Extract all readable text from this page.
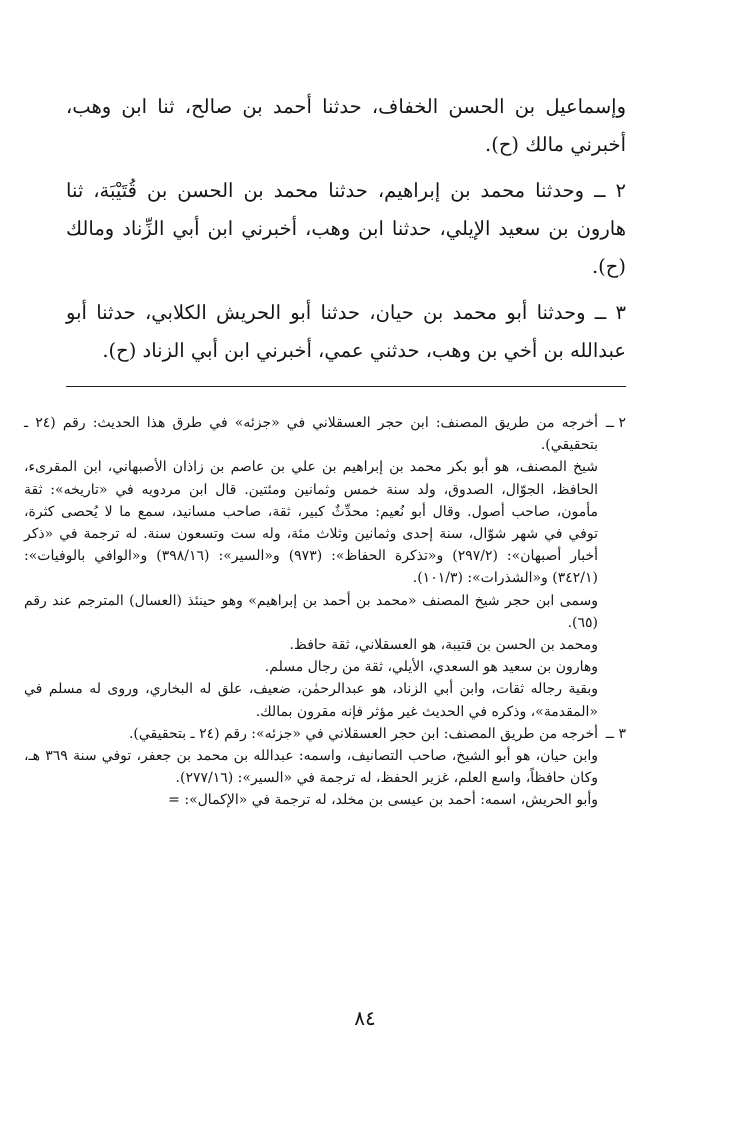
وإسماعيل بن الحسن الخفاف، حدثنا أحمد بن صالح، ثنا ابن وهب، أخبرني مالك (ح).

٢ ــ وحدثنا محمد بن إبراهيم، حدثنا محمد بن الحسن بن قُتَيْبَة، ثنا هارون بن سعيد الإيلي، حدثنا ابن وهب، أخبرني ابن أبي الزِّناد ومالك (ح).

٣ ــ وحدثنا أبو محمد بن حيان، حدثنا أبو الحريش الكلابي، حدثنا أبو عبدالله بن أخي بن وهب، حدثني عمي، أخبرني ابن أبي الزناد (ح).

٢ ــ

أخرجه من طريق المصنف: ابن حجر العسقلاني في «جزئه» في طرق هذا الحديث: رقم (٢٤ ـ بتحقيقي).

شيخ المصنف، هو أبو بكر محمد بن إبراهيم بن علي بن عاصم بن زاذان الأصبهاني، ابن المقرىء، الحافظ، الجوّال، الصدوق، ولد سنة خمس وثمانين ومئتين. قال ابن مردويه في «تاريخه»: ثقة مأمون، صاحب أصول. وقال أبو نُعيم: محدِّثٌ كبير، ثقة، صاحب مسانيد، سمع ما لا يُحصى كثرة، توفي في شهر شوّال، سنة إحدى وثمانين وثلاث مئة، وله ست وتسعون سنة. له ترجمة في «ذكر أخبار أصبهان»: (٢٩٧/٢) و«تذكرة الحفاظ»: (٩٧٣) و«السير»: (٣٩٨/١٦) و«الوافي بالوفيات»: (٣٤٢/١) و«الشذرات»: (١٠١/٣).

وسمى ابن حجر شيخ المصنف «محمد بن أحمد بن إبراهيم» وهو حينئذ (العسال) المترجم عند رقم (٦٥).

ومحمد بن الحسن بن قتيبة، هو العسقلاني، ثقة حافظ.

وهارون بن سعيد هو السعدي، الأيلي، ثقة من رجال مسلم.

وبقية رجاله ثقات، وابن أبي الزناد، هو عبدالرحمٰن، ضعيف، علق له البخاري، وروى له مسلم في «المقدمة»، وذكره في الحديث غير مؤثر فإنه مقرون بمالك.

٣ ــ

أخرجه من طريق المصنف: ابن حجر العسقلاني في «جزئه»: رقم (٢٤ ـ بتحقيقي).

وابن حيان، هو أبو الشيخ، صاحب التصانيف، واسمه: عبدالله بن محمد بن جعفر، توفي سنة ٣٦٩ هـ، وكان حافظاً، واسع العلم، غزير الحفظ، له ترجمة في «السير»: (٢٧٧/١٦).

وأبو الحريش، اسمه: أحمد بن عيسى بن مخلد، له ترجمة في «الإكمال»: =

٨٤
